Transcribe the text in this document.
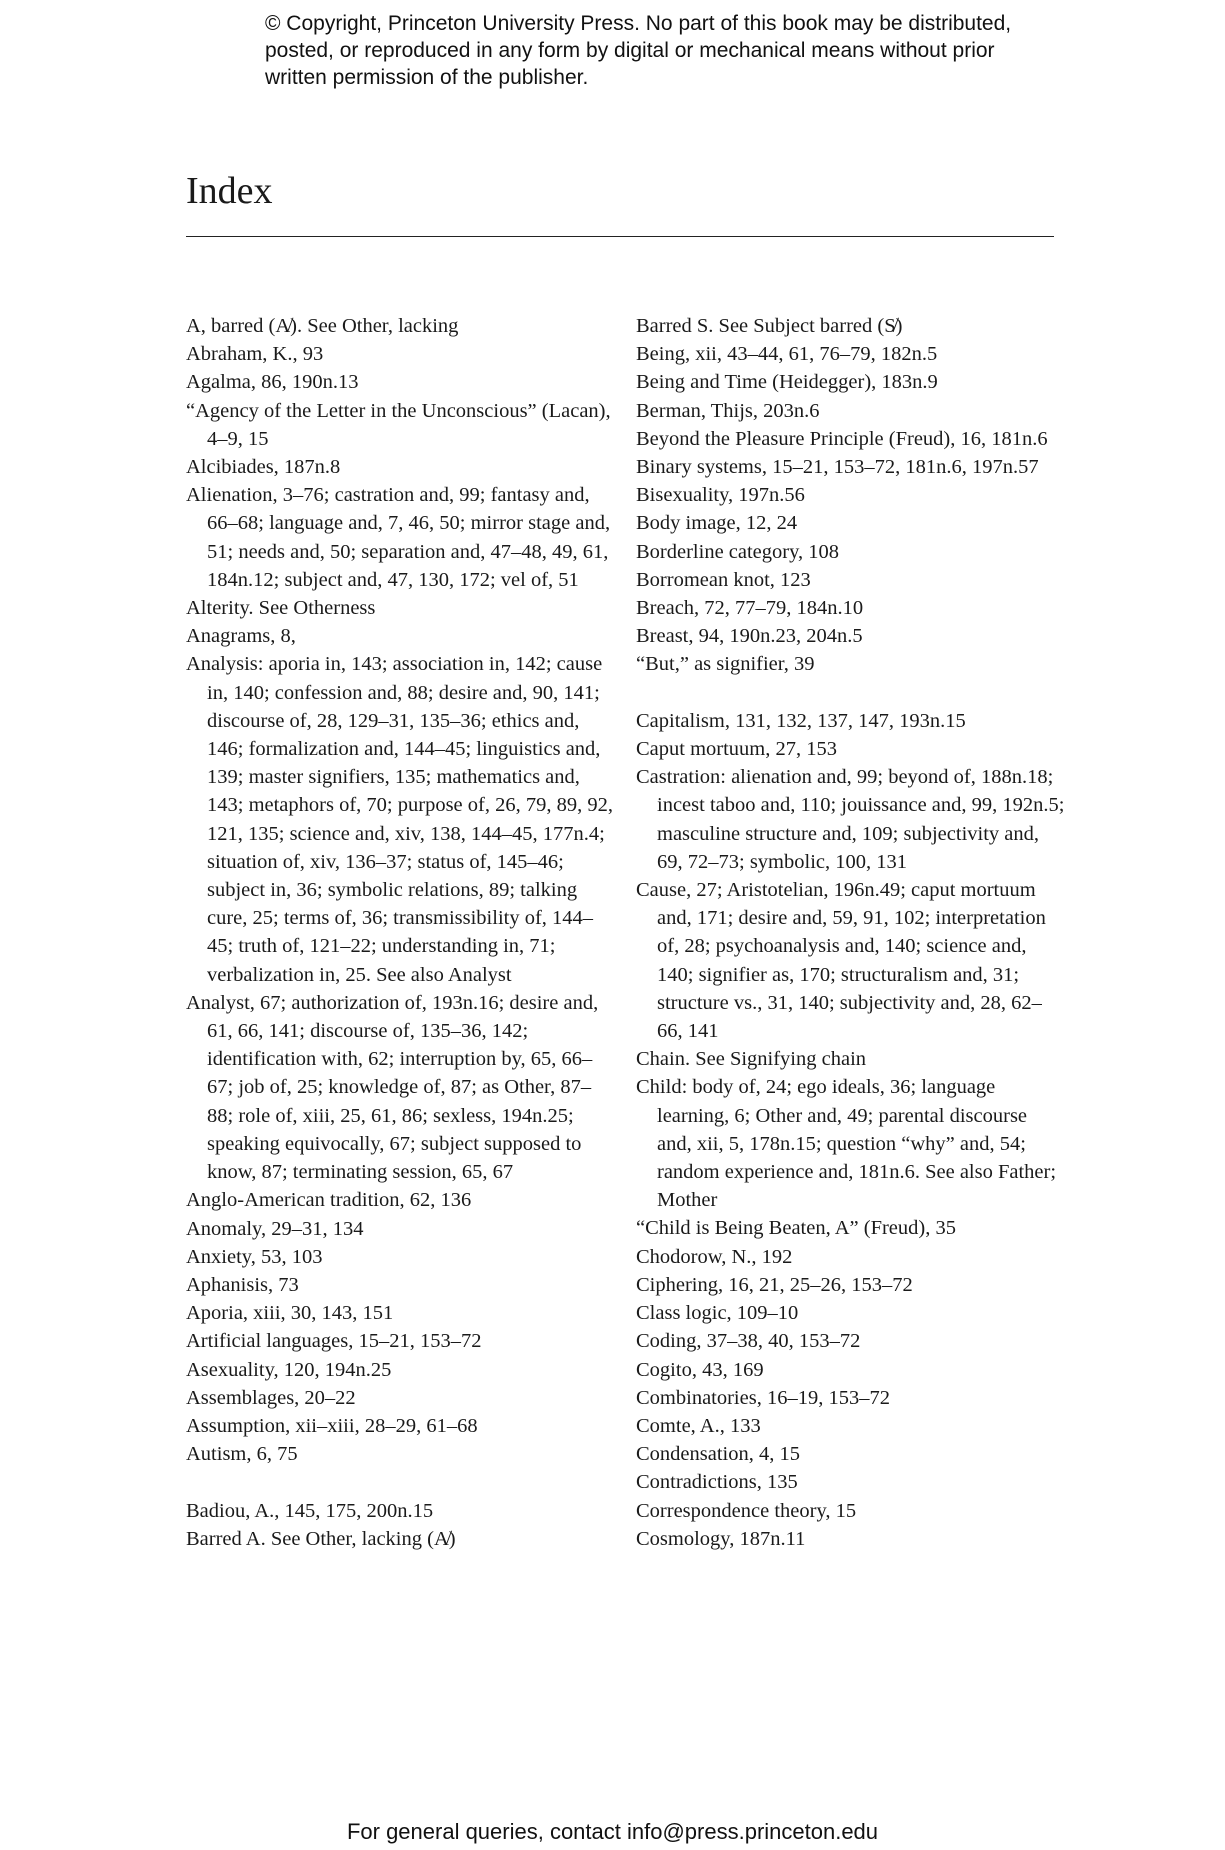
© Copyright, Princeton University Press. No part of this book may be distributed, posted, or reproduced in any form by digital or mechanical means without prior written permission of the publisher.
Index

A, barred (A̸). See Other, lacking

Abraham, K., 93

Agalma, 86, 190n.13

“Agency of the Letter in the Unconscious” (Lacan), 4–9, 15

Alcibiades, 187n.8

Alienation, 3–76; castration and, 99; fantasy and, 66–68; language and, 7, 46, 50; mirror stage and, 51; needs and, 50; separation and, 47–48, 49, 61, 184n.12; subject and, 47, 130, 172; vel of, 51

Alterity. See Otherness

Anagrams, 8,

Analysis: aporia in, 143; association in, 142; cause in, 140; confession and, 88; desire and, 90, 141; discourse of, 28, 129–31, 135–36; ethics and, 146; formalization and, 144–45; linguistics and, 139; master signifiers, 135; mathematics and, 143; metaphors of, 70; purpose of, 26, 79, 89, 92, 121, 135; science and, xiv, 138, 144–45, 177n.4; situation of, xiv, 136–37; status of, 145–46; subject in, 36; symbolic relations, 89; talking cure, 25; terms of, 36; transmissibility of, 144–45; truth of, 121–22; understanding in, 71; verbalization in, 25. See also Analyst

Analyst, 67; authorization of, 193n.16; desire and, 61, 66, 141; discourse of, 135–36, 142; identification with, 62; interruption by, 65, 66–67; job of, 25; knowledge of, 87; as Other, 87–88; role of, xiii, 25, 61, 86; sexless, 194n.25; speaking equivocally, 67; subject supposed to know, 87; terminating session, 65, 67

Anglo-American tradition, 62, 136

Anomaly, 29–31, 134

Anxiety, 53, 103

Aphanisis, 73

Aporia, xiii, 30, 143, 151

Artificial languages, 15–21, 153–72

Asexuality, 120, 194n.25

Assemblages, 20–22

Assumption, xii–xiii, 28–29, 61–68

Autism, 6, 75

Badiou, A., 145, 175, 200n.15

Barred A. See Other, lacking (A̸)

Barred S. See Subject barred (S̸)

Being, xii, 43–44, 61, 76–79, 182n.5

Being and Time (Heidegger), 183n.9

Berman, Thijs, 203n.6

Beyond the Pleasure Principle (Freud), 16, 181n.6

Binary systems, 15–21, 153–72, 181n.6, 197n.57

Bisexuality, 197n.56

Body image, 12, 24

Borderline category, 108

Borromean knot, 123

Breach, 72, 77–79, 184n.10

Breast, 94, 190n.23, 204n.5

“But,” as signifier, 39

Capitalism, 131, 132, 137, 147, 193n.15

Caput mortuum, 27, 153

Castration: alienation and, 99; beyond of, 188n.18; incest taboo and, 110; jouissance and, 99, 192n.5; masculine structure and, 109; subjectivity and, 69, 72–73; symbolic, 100, 131

Cause, 27; Aristotelian, 196n.49; caput mortuum and, 171; desire and, 59, 91, 102; interpretation of, 28; psychoanalysis and, 140; science and, 140; signifier as, 170; structuralism and, 31; structure vs., 31, 140; subjectivity and, 28, 62–66, 141

Chain. See Signifying chain

Child: body of, 24; ego ideals, 36; language learning, 6; Other and, 49; parental discourse and, xii, 5, 178n.15; question “why” and, 54; random experience and, 181n.6. See also Father; Mother

“Child is Being Beaten, A” (Freud), 35

Chodorow, N., 192

Ciphering, 16, 21, 25–26, 153–72

Class logic, 109–10

Coding, 37–38, 40, 153–72

Cogito, 43, 169

Combinatories, 16–19, 153–72

Comte, A., 133

Condensation, 4, 15

Contradictions, 135

Correspondence theory, 15

Cosmology, 187n.11

For general queries, contact info@press.princeton.edu
